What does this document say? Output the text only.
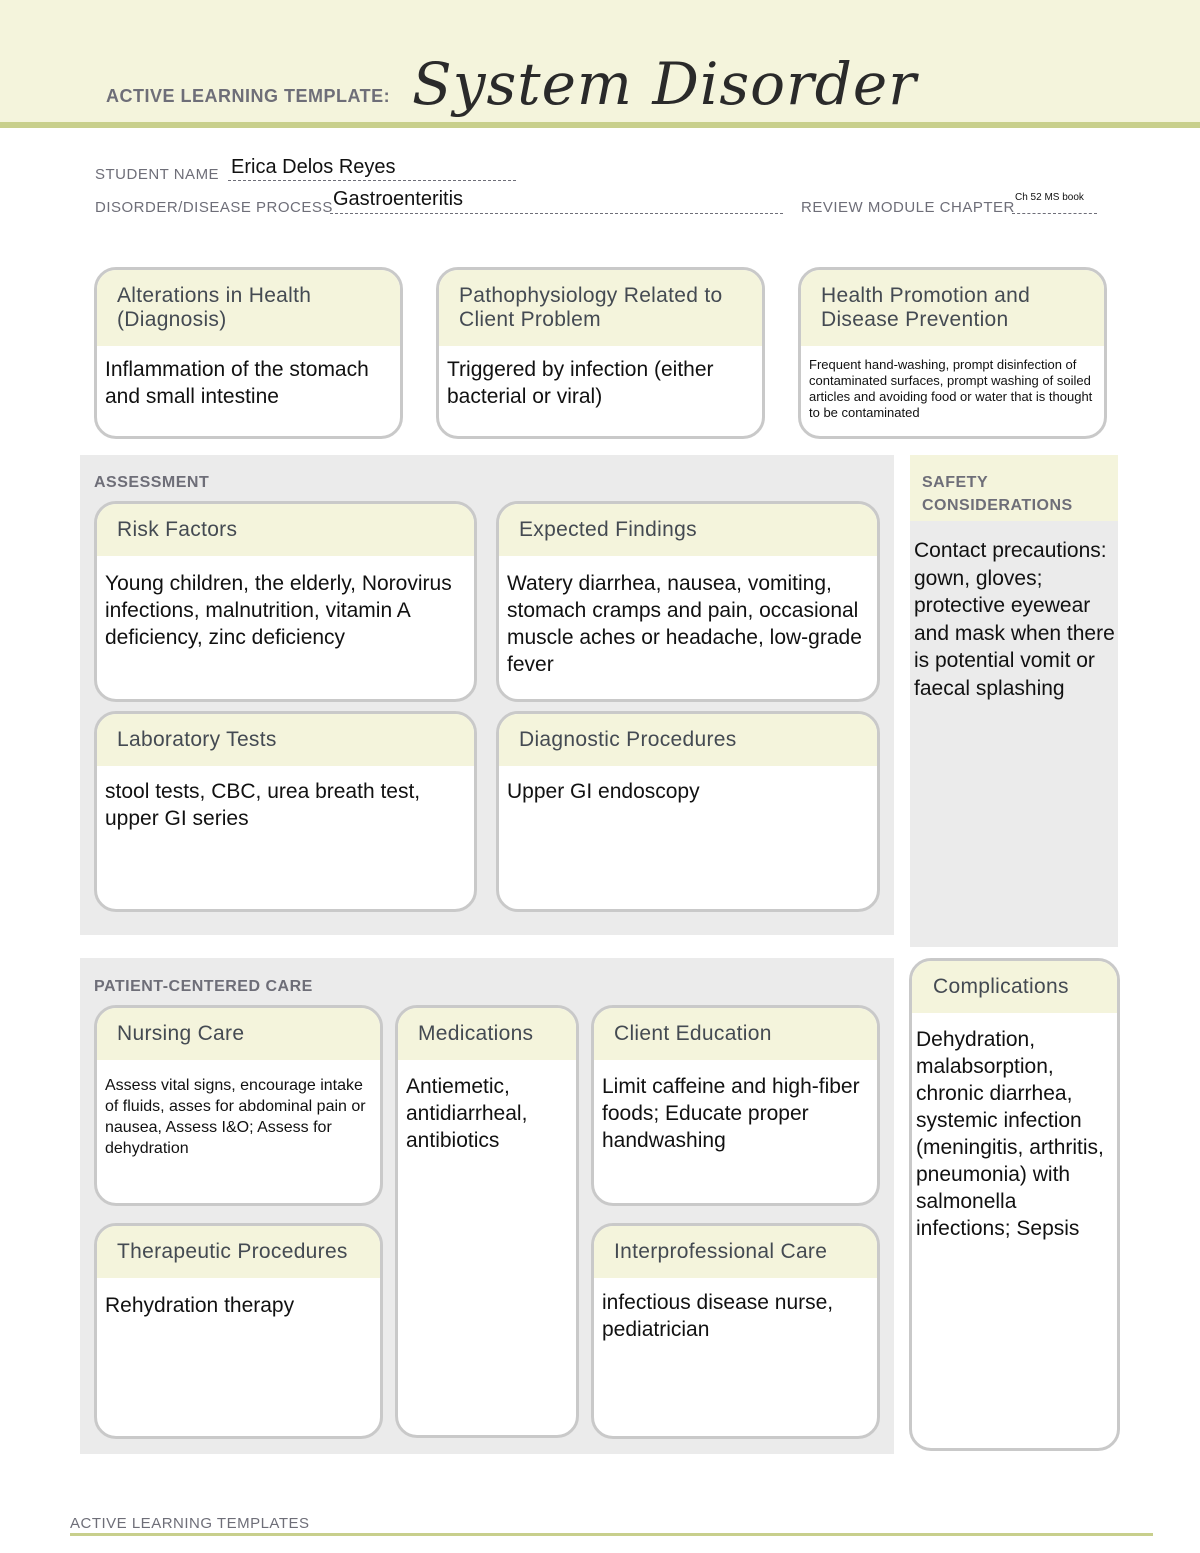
ACTIVE LEARNING TEMPLATE: System Disorder
STUDENT NAME Erica Delos Reyes
DISORDER/DISEASE PROCESS Gastroenteritis	REVIEW MODULE CHAPTER
Ch 52 MS book
Alterations in Health (Diagnosis)
Inflammation of the stomach and small intestine
Pathophysiology Related to Client Problem
Triggered by infection (either bacterial or viral)
Health Promotion and Disease Prevention
Frequent hand-washing, prompt disinfection of contaminated surfaces, prompt washing of soiled articles and avoiding food or water that is thought to be contaminated
ASSESSMENT
Risk Factors
Young children, the elderly, Norovirus infections, malnutrition, vitamin A deficiency, zinc deficiency
Expected Findings
Watery diarrhea, nausea, vomiting, stomach cramps and pain, occasional muscle aches or headache, low-grade fever
Laboratory Tests
stool tests, CBC, urea breath test, upper GI series
Diagnostic Procedures
Upper GI endoscopy
SAFETY CONSIDERATIONS
Contact precautions: gown, gloves; protective eyewear and mask when there is potential vomit or faecal splashing
PATIENT-CENTERED CARE
Nursing Care
Assess vital signs, encourage intake of fluids, asses for abdominal pain or nausea, Assess I&O; Assess for dehydration
Medications
Antiemetic, antidiarrheal, antibiotics
Client Education
Limit caffeine and high-fiber foods; Educate proper handwashing
Therapeutic Procedures
Rehydration therapy
Interprofessional Care
infectious disease nurse, pediatrician
Complications
Dehydration, malabsorption, chronic diarrhea, systemic infection (meningitis, arthritis, pneumonia) with salmonella infections; Sepsis
ACTIVE LEARNING TEMPLATES
